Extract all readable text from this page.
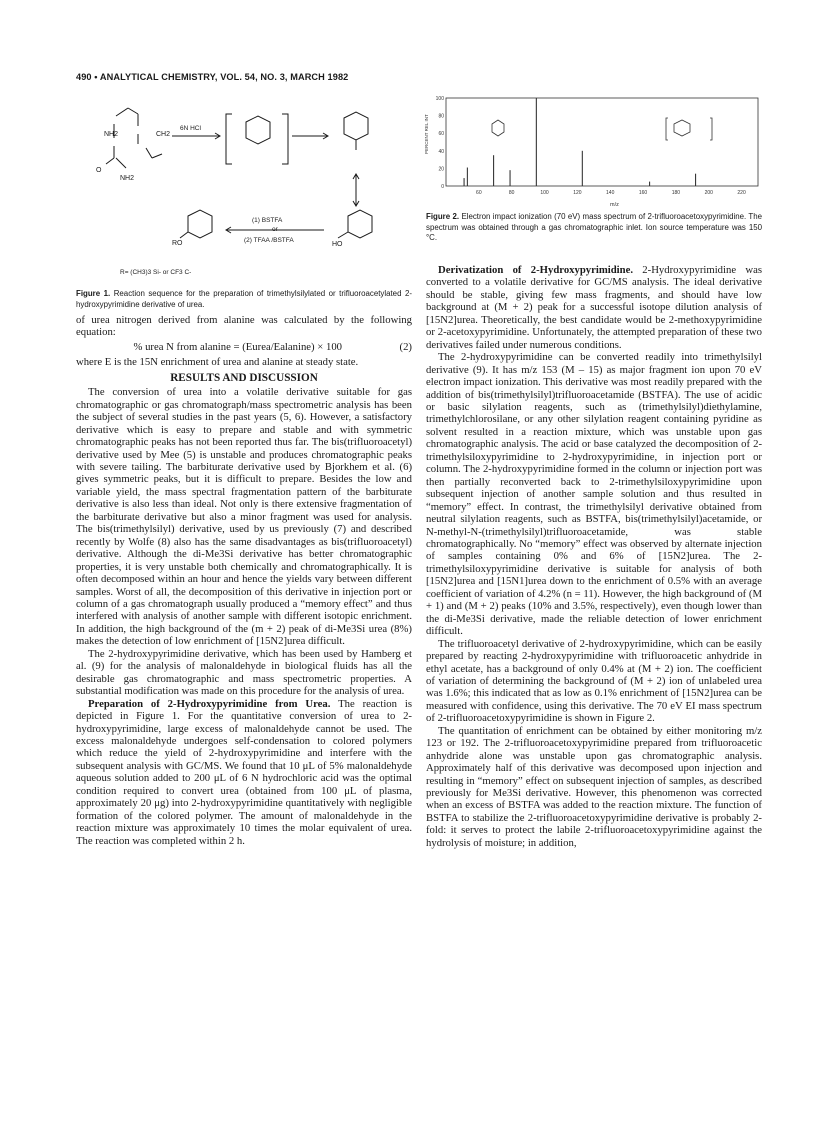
490 • ANALYTICAL CHEMISTRY, VOL. 54, NO. 3, MARCH 1982
NH2	CH2
O
NH2
6N HCl
(1) BSTFA
or
(2) TFAA /BSTFA
RO	HO
R= (CH3)3 Si- or CF3 C-
Figure 1. Reaction sequence for the preparation of trimethylsilylated or trifluoroacetylated 2-hydroxypyrimidine derivative of urea.
PERCENT REL INT
m/z
100
80
60
40
20
0
60	80	100	120	140	160	180	200	220
Figure 2. Electron impact ionization (70 eV) mass spectrum of 2-trifluoroacetoxypyrimidine. The spectrum was obtained through a gas chromatographic inlet. Ion source temperature was 150 °C.

of urea nitrogen derived from alanine was calculated by the following equation:

% urea N from alanine = (Eurea/Ealanine) × 100	(2)

where E is the 15N enrichment of urea and alanine at steady state.

RESULTS AND DISCUSSION

The conversion of urea into a volatile derivative suitable for gas chromatographic or gas chromatograph/mass spectrometric analysis has been the subject of several studies in the past years (5, 6). However, a satisfactory derivative which is easy to prepare and stable and with symmetric chromatographic peaks has not been reported thus far. The bis(trifluoroacetyl) derivative used by Mee (5) is unstable and produces chromatographic peaks with severe tailing. The barbiturate derivative used by Bjorkhem et al. (6) gives symmetric peaks, but it is difficult to prepare. Besides the low and variable yield, the mass spectral fragmentation pattern of the barbiturate derivative is also less than ideal. Not only is there extensive fragmentation of the barbiturate derivative but also a minor fragment was used for analysis. The bis(trimethylsilyl) derivative, used by us previously (7) and described recently by Wolfe (8) also has the same disadvantages as bis(trifluoroacetyl) derivative. Although the di-Me3Si derivative has better chromatographic properties, it is very unstable both chemically and chromatographically. It is often decomposed within an hour and hence the yields vary between different samples. Worst of all, the decomposition of this derivative in injection port or column of a gas chromatograph usually produced a “memory effect” and thus interfered with analysis of another sample with different isotopic enrichment. In addition, the high background of the (m + 2) peak of di-Me3Si urea (8%) makes the detection of low enrichment of [15N2]urea difficult.

The 2-hydroxypyrimidine derivative, which has been used by Hamberg et al. (9) for the analysis of malonaldehyde in biological fluids has all the desirable gas chromatographic and mass spectrometric properties. A substantial modification was made on this procedure for the analysis of urea.

Preparation of 2-Hydroxypyrimidine from Urea. The reaction is depicted in Figure 1. For the quantitative conversion of urea to 2-hydroxypyrimidine, large excess of malonaldehyde cannot be used. The excess malonaldehyde undergoes self-condensation to colored polymers which reduce the yield of 2-hydroxypyrimidine and interfere with the subsequent analysis with GC/MS. We found that 10 μL of 5% malonaldehyde aqueous solution added to 200 μL of 6 N hydrochloric acid was the optimal condition required to convert urea (obtained from 100 μL of plasma, approximately 20 μg) into 2-hydroxypyrimidine quantitatively with negligible formation of the colored polymer. The amount of malonaldehyde in the reaction mixture was approximately 10 times the molar equivalent of urea. The reaction was completed within 2 h.

Derivatization of 2-Hydroxypyrimidine. 2-Hydroxypyrimidine was converted to a volatile derivative for GC/MS analysis. The ideal derivative should be stable, giving few mass fragments, and should have low background at (M + 2) peak for a successful isotope dilution analysis of [15N2]urea. Theoretically, the best candidate would be 2-methoxypyrimidine or 2-acetoxypyrimidine. Unfortunately, the attempted preparation of these two derivatives failed under numerous conditions.

The 2-hydroxypyrimidine can be converted readily into trimethylsilyl derivative (9). It has m/z 153 (M – 15) as major fragment ion upon 70 eV electron impact ionization. This derivative was most readily prepared with the addition of bis(trimethylsilyl)trifluoroacetamide (BSTFA). The use of acidic or basic silylation reagents, such as (trimethylsilyl)diethylamine, trimethylchlorosilane, or any other silylation reagent containing pyridine as solvent resulted in a reaction mixture, which was unstable upon gas chromatographic analysis. The acid or base catalyzed the decomposition of 2-trimethylsiloxypyrimidine to 2-hydroxypyrimidine, in injection port or column. The 2-hydroxypyrimidine formed in the column or injection port was then partially reconverted back to 2-trimethylsiloxypyrimidine upon subsequent injection of another sample solution and thus resulted in “memory” effect. In contrast, the trimethylsilyl derivative obtained from neutral silylation reagents, such as BSTFA, bis(trimethylsilyl)acetamide, or N-methyl-N-(trimethylsilyl)trifluoroacetamide, was stable chromatographically. No “memory” effect was observed by alternate injection of samples containing 0% and 6% of [15N2]urea. The 2-trimethylsiloxypyrimidine derivative is suitable for analysis of both [15N2]urea and [15N1]urea down to the enrichment of 0.5% with an average coefficient of variation of 4.2% (n = 11). However, the high background of (M + 1) and (M + 2) peaks (10% and 3.5%, respectively), even though lower than the di-Me3Si derivative, made the reliable detection of lower enrichment difficult.

The trifluoroacetyl derivative of 2-hydroxypyrimidine, which can be easily prepared by reacting 2-hydroxypyrimidine with trifluoroacetic anhydride in ethyl acetate, has a background of only 0.4% at (M + 2) ion. The coefficient of variation of determining the background of (M + 2) ion of unlabeled urea was 1.6%; this indicated that as low as 0.1% enrichment of [15N2]urea can be measured with confidence, using this derivative. The 70 eV EI mass spectrum of 2-trifluoroacetoxypyrimidine is shown in Figure 2.

The quantitation of enrichment can be obtained by either monitoring m/z 123 or 192. The 2-trifluoroacetoxypyrimidine prepared from trifluoroacetic anhydride alone was unstable upon gas chromatographic analysis. Approximately half of this derivative was decomposed upon injection and resulting in “memory” effect on subsequent injection of samples, as described previously for Me3Si derivative. However, this phenomenon was corrected when an excess of BSTFA was added to the reaction mixture. The function of BSTFA to stabilize the 2-trifluoroacetoxypyrimidine derivative is probably 2-fold: it serves to protect the labile 2-trifluoroacetoxypyrimidine against the hydrolysis of moisture; in addition,
